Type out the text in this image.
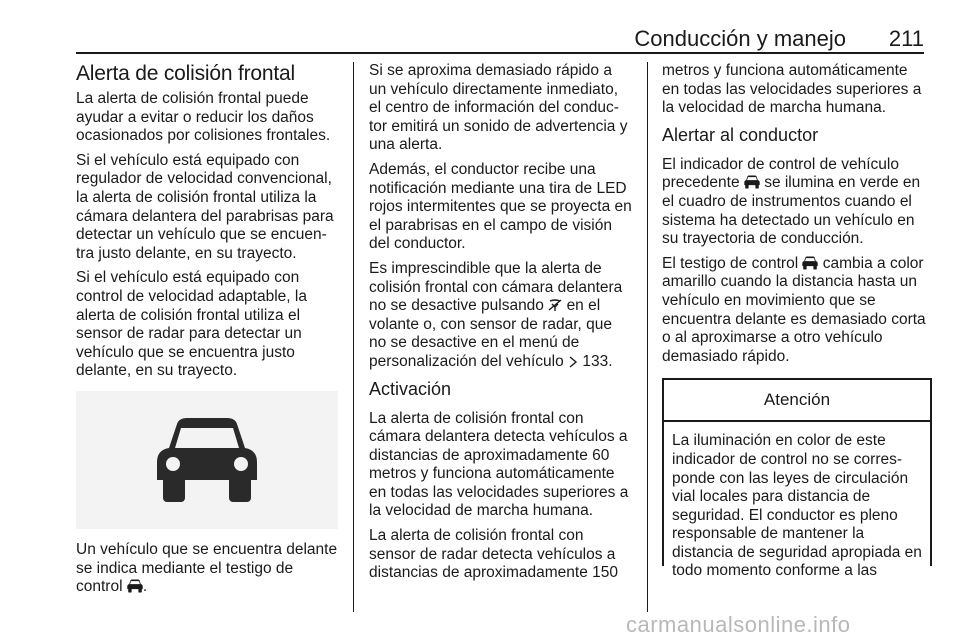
Conducción y manejo 211
Alerta de colisión frontal

La alerta de colisión frontal puede ayudar a evitar o reducir los daños ocasionados por colisiones frontales.

Si el vehículo está equipado con regulador de velocidad convencional, la alerta de colisión frontal utiliza la cámara delantera del parabrisas para detectar un vehículo que se encuen- tra justo delante, en su trayecto.

Si el vehículo está equipado con control de velocidad adaptable, la alerta de colisión frontal utiliza el sensor de radar para detectar un vehículo que se encuentra justo delante, en su trayecto.

Un vehículo que se encuentra delante se indica mediante el testigo de control .

Si se aproxima demasiado rápido a un vehículo directamente inmediato, el centro de información del conduc- tor emitirá un sonido de advertencia y una alerta.

Además, el conductor recibe una notificación mediante una tira de LED rojos intermitentes que se proyecta en el parabrisas en el campo de visión del conductor.

Es imprescindible que la alerta de colisión frontal con cámara delantera no se desactive pulsando en el volante o, con sensor de radar, que no se desactive en el menú de personalización del vehículo 133.

Activación

La alerta de colisión frontal con cámara delantera detecta vehículos a distancias de aproximadamente 60 metros y funciona automáticamente en todas las velocidades superiores a la velocidad de marcha humana.

La alerta de colisión frontal con sensor de radar detecta vehículos a distancias de aproximadamente 150

metros y funciona automáticamente en todas las velocidades superiores a la velocidad de marcha humana.

Alertar al conductor

El indicador de control de vehículo precedente se ilumina en verde en el cuadro de instrumentos cuando el sistema ha detectado un vehículo en su trayectoria de conducción.

El testigo de control cambia a color amarillo cuando la distancia hasta un vehículo en movimiento que se encuentra delante es demasiado corta o al aproximarse a otro vehículo demasiado rápido.

Atención
La iluminación en color de este indicador de control no se corres- ponde con las leyes de circulación vial locales para distancia de seguridad. El conductor es pleno responsable de mantener la distancia de seguridad apropiada en todo momento conforme a las
carmanualsonline.info
